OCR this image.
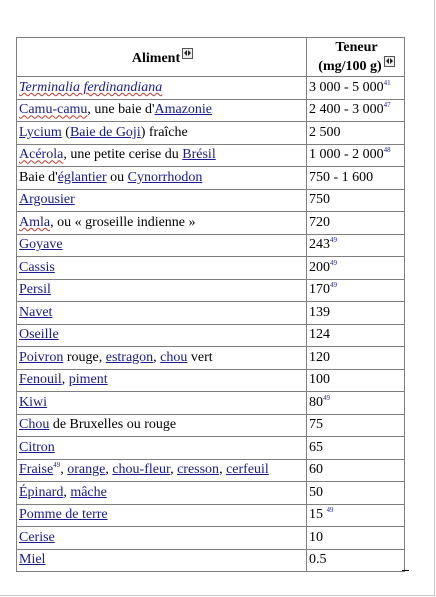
Aliment	Teneur
(mg/100 g)
Terminalia ferdinandiana	3 000 - 5 000$^{41}$
Camu-camu, une baie d'Amazonie	2 400 - 3 000$^{47}$
Lycium (Baie de Goji) fraîche	2 500
Acérola, une petite cerise du Brésil	1 000 - 2 000$^{48}$
Baie d'églantier ou Cynorrhodon	750 - 1 600
Argousier	750
Amla, ou « groseille indienne »	720
Goyave	243$^{49}$
Cassis	200$^{49}$
Persil	170$^{49}$
Navet	139
Oseille	124
Poivron rouge, estragon, chou vert	120
Fenouil, piment	100
Kiwi	80$^{49}$
Chou de Bruxelles ou rouge	75
Citron	65
Fraise$^{49}$, orange, chou-fleur, cresson, cerfeuil	60
Épinard, mâche	50
Pomme de terre	15 $^{49}$
Cerise	10
Miel	0.5
